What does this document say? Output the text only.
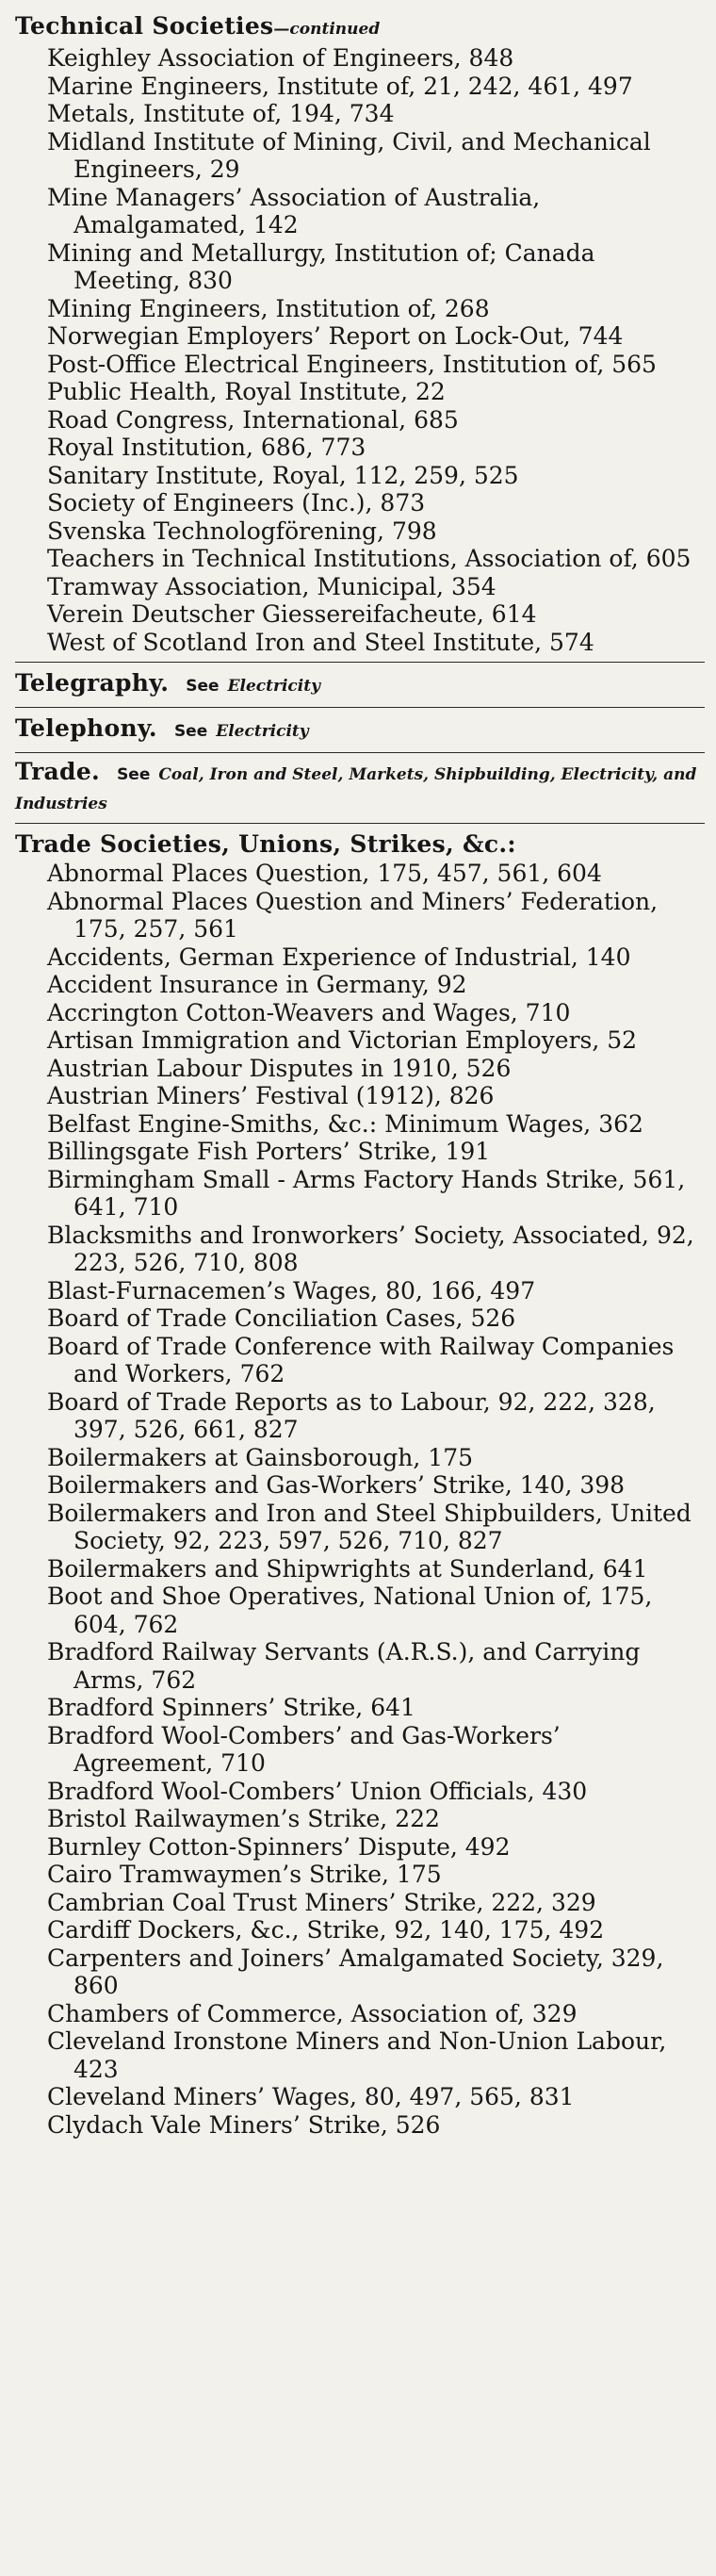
Technical Societies—continued

Keighley Association of Engineers, 848

Marine Engineers, Institute of, 21, 242, 461, 497

Metals, Institute of, 194, 734

Midland Institute of Mining, Civil, and Mechanical Engineers, 29

Mine Managers’ Association of Australia, Amalgamated, 142

Mining and Metallurgy, Institution of; Canada Meeting, 830

Mining Engineers, Institution of, 268

Norwegian Employers’ Report on Lock-Out, 744

Post-Office Electrical Engineers, Institution of, 565

Public Health, Royal Institute, 22

Road Congress, International, 685

Royal Institution, 686, 773

Sanitary Institute, Royal, 112, 259, 525

Society of Engineers (Inc.), 873

Svenska Technologförening, 798

Teachers in Technical Institutions, Association of, 605

Tramway Association, Municipal, 354

Verein Deutscher Giessereifacheute, 614

West of Scotland Iron and Steel Institute, 574

Telegraphy. See Electricity

Telephony. See Electricity

Trade. See Coal, Iron and Steel, Markets, Shipbuilding, Electricity, and Industries

Trade Societies, Unions, Strikes, &c.:

Abnormal Places Question, 175, 457, 561, 604

Abnormal Places Question and Miners’ Federation, 175, 257, 561

Accidents, German Experience of Industrial, 140

Accident Insurance in Germany, 92

Accrington Cotton-Weavers and Wages, 710

Artisan Immigration and Victorian Employers, 52

Austrian Labour Disputes in 1910, 526

Austrian Miners’ Festival (1912), 826

Belfast Engine-Smiths, &c.: Minimum Wages, 362

Billingsgate Fish Porters’ Strike, 191

Birmingham Small - Arms Factory Hands Strike, 561, 641, 710

Blacksmiths and Ironworkers’ Society, Associated, 92, 223, 526, 710, 808

Blast-Furnacemen’s Wages, 80, 166, 497

Board of Trade Conciliation Cases, 526

Board of Trade Conference with Railway Companies and Workers, 762

Board of Trade Reports as to Labour, 92, 222, 328, 397, 526, 661, 827

Boilermakers at Gainsborough, 175

Boilermakers and Gas-Workers’ Strike, 140, 398

Boilermakers and Iron and Steel Shipbuilders, United Society, 92, 223, 597, 526, 710, 827

Boilermakers and Shipwrights at Sunderland, 641

Boot and Shoe Operatives, National Union of, 175, 604, 762

Bradford Railway Servants (A.R.S.), and Carrying Arms, 762

Bradford Spinners’ Strike, 641

Bradford Wool-Combers’ and Gas-Workers’ Agreement, 710

Bradford Wool-Combers’ Union Officials, 430

Bristol Railwaymen’s Strike, 222

Burnley Cotton-Spinners’ Dispute, 492

Cairo Tramwaymen’s Strike, 175

Cambrian Coal Trust Miners’ Strike, 222, 329

Cardiff Dockers, &c., Strike, 92, 140, 175, 492

Carpenters and Joiners’ Amalgamated Society, 329, 860

Chambers of Commerce, Association of, 329

Cleveland Ironstone Miners and Non-Union Labour, 423

Cleveland Miners’ Wages, 80, 497, 565, 831

Clydach Vale Miners’ Strike, 526
